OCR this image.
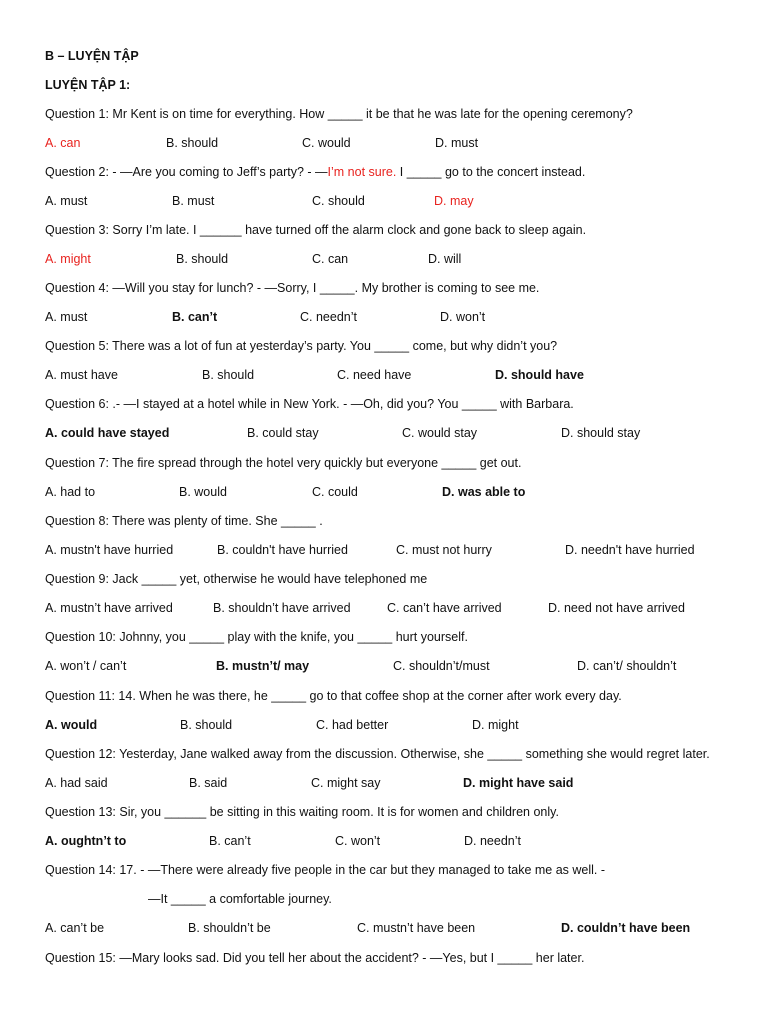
B – LUYỆN TẬP
LUYỆN TẬP 1:
Question 1: Mr Kent is on time for everything. How _____ it be that he was late for the opening ceremony?
A. can	B. should	C. would	D. must
Question 2: - —Are you coming to Jeff’s party? - —I’m not sure. I _____ go to the concert instead.
A. must	B. must	C. should	D. may
Question 3: Sorry I’m late. I ______ have turned off the alarm clock and gone back to sleep again.
A. might	B. should	C. can	D. will
Question 4: —Will you stay for lunch? - —Sorry, I _____. My brother is coming to see me.
A. must	B. can’t	C. needn’t	D. won’t
Question 5: There was a lot of fun at yesterday’s party. You _____ come, but why didn’t you?
A. must have	B. should	C. need have	D. should have
Question 6: .- —I stayed at a hotel while in New York. - —Oh, did you? You _____ with Barbara.
A. could have stayed	B. could stay	C. would stay	D. should stay
Question 7: The fire spread through the hotel very quickly but everyone _____ get out.
A. had to	B. would	C. could	D. was able to
Question 8: There was plenty of time. She _____ .
A. mustn't have hurried	B. couldn't have hurried	C. must not hurry	D. needn't have hurried
Question 9: Jack _____ yet, otherwise he would have telephoned me
A. mustn’t have arrived	B. shouldn’t have arrived	C. can’t have arrived	D. need not have arrived
Question 10: Johnny, you _____ play with the knife, you _____ hurt yourself.
A. won’t / can’t	B. mustn’t/ may	C. shouldn’t/must	D. can’t/ shouldn’t
Question 11: 14. When he was there, he _____ go to that coffee shop at the corner after work every day.
A. would	B. should	C. had better	D. might
Question 12: Yesterday, Jane walked away from the discussion. Otherwise, she _____ something she would regret later.
A. had said	B. said	C. might say	D. might have said
Question 13: Sir, you ______ be sitting in this waiting room. It is for women and children only.
A. oughtn’t to	B. can’t	C. won’t	D. needn’t
Question 14: 17. - —There were already five people in the car but they managed to take me as well. -
—It _____ a comfortable journey.
A. can’t be	B. shouldn’t be	C. mustn’t have been	D. couldn’t have been
Question 15: —Mary looks sad. Did you tell her about the accident? - —Yes, but I _____ her later.
